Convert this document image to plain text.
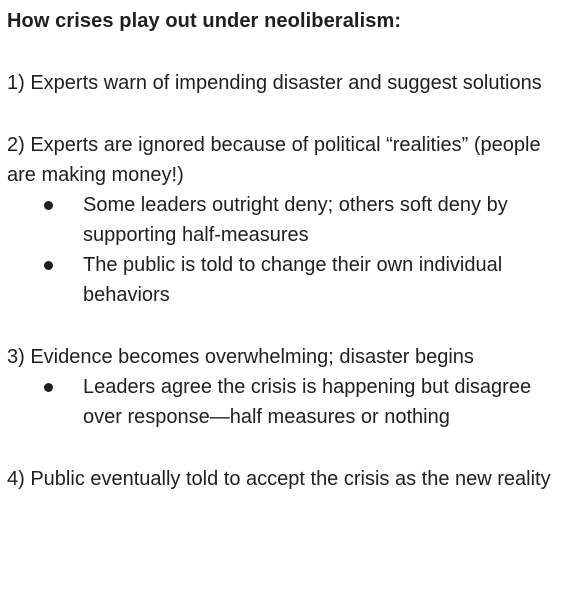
How crises play out under neoliberalism:

1) Experts warn of impending disaster and suggest solutions

2) Experts are ignored because of political “realities” (people are making money!)

Some leaders outright deny; others soft deny by supporting half-measures
The public is told to change their own individual behaviors

3) Evidence becomes overwhelming; disaster begins

Leaders agree the crisis is happening but disagree over response—half measures or nothing

4) Public eventually told to accept the crisis as the new reality
